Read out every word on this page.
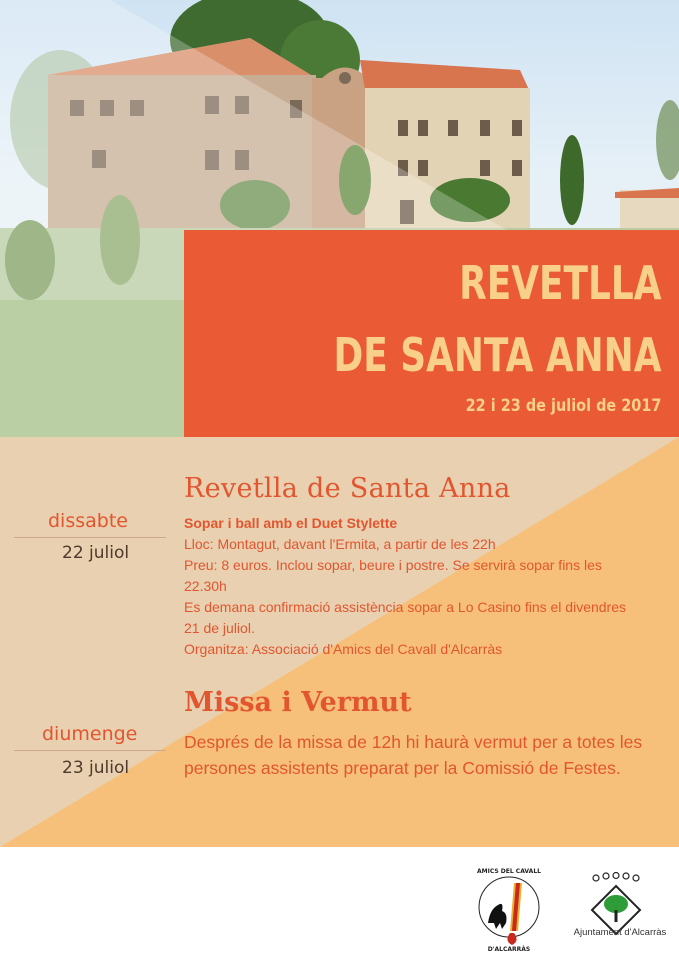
REVETLLA
DE SANTA ANNA
22 i 23 de juliol de 2017
dissabte
22 juliol
Revetlla de Santa Anna

Sopar i ball amb el Duet Stylette

Lloc: Montagut, davant l'Ermita, a partir de les 22h

Preu: 8 euros. Inclou sopar, beure i postre. Se servirà sopar fins les 22.30h

Es demana confirmació assistència sopar a Lo Casino fins el divendres 21 de juliol.

Organitza: Associació d'Amics del Cavall d'Alcarràs

diumenge
23 juliol
Missa i Vermut
Després de la missa de 12h hi haurà vermut per a totes les persones assistents preparat per la Comissió de Festes.
AMICS DEL CAVALL
D'ALCARRÀS
Ajuntament d'Alcarràs
